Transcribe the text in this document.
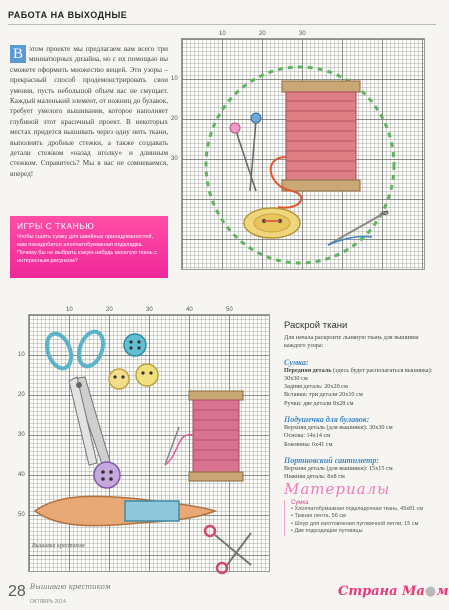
РАБОТА НА ВЫХОДНЫЕ
В этом проекте мы предлагаем вам всего три миниатюрных дизайна, но с их помощью вы сможете оформить множество вещей. Эти узоры – прекрасный способ продемонстрировать свои умения, пусть небольшой объем вас не смущает. Каждый маленький элемент, от ножниц до булавок, требует умелого вышивания, которое наполняет глубиной этот красочный проект. В некоторых местах придется вышивать через одну нить ткани, выполнять дробные стежки, а также создавать детали стежком «назад иголку» и длинным стежком. Справитесь? Мы в вас не сомневаемся, вперед!
ИГРЫ С ТКАНЬЮ
Чтобы сшить сумку для швейных принадлежностей, вам понадобится хлопчатобумажная подкладка. Почему бы не выбрать какую-нибудь веселую ткань с интересным рисунком?
10	20	30
10
20
30
10	20	30	40	50
10
20
30
40
50
Вышивка крестиком
Раскрой ткани
Для начала раскроите льняную ткань для вышивки каждого узора:
Сумка:
Передняя деталь (здесь будет располагаться вышивка): 30x30 см
Задняя деталь: 20x20 см
Вставки: три детали 20x10 см
Ручки: две детали 8x28 см
Подушечка для булавок:
Верхняя деталь (для вышивки): 30x30 см
Основа: 14x14 см
Боковина: 6x41 см
Портновский сантиметр:
Верхняя деталь (для вышивки): 15x15 см
Нижняя деталь: 8x8 см
Материалы
Сумка
• Хлопчатобумажная подкладочная ткань, 45x81 см
• Тканая лента, 56 см
• Шнур для изготовления пуговичной петли, 15 см
• Две подходящие пуговицы
28 Вышиваю крестиком
ОКТЯБРЬ 2014
Страна Ма●м
